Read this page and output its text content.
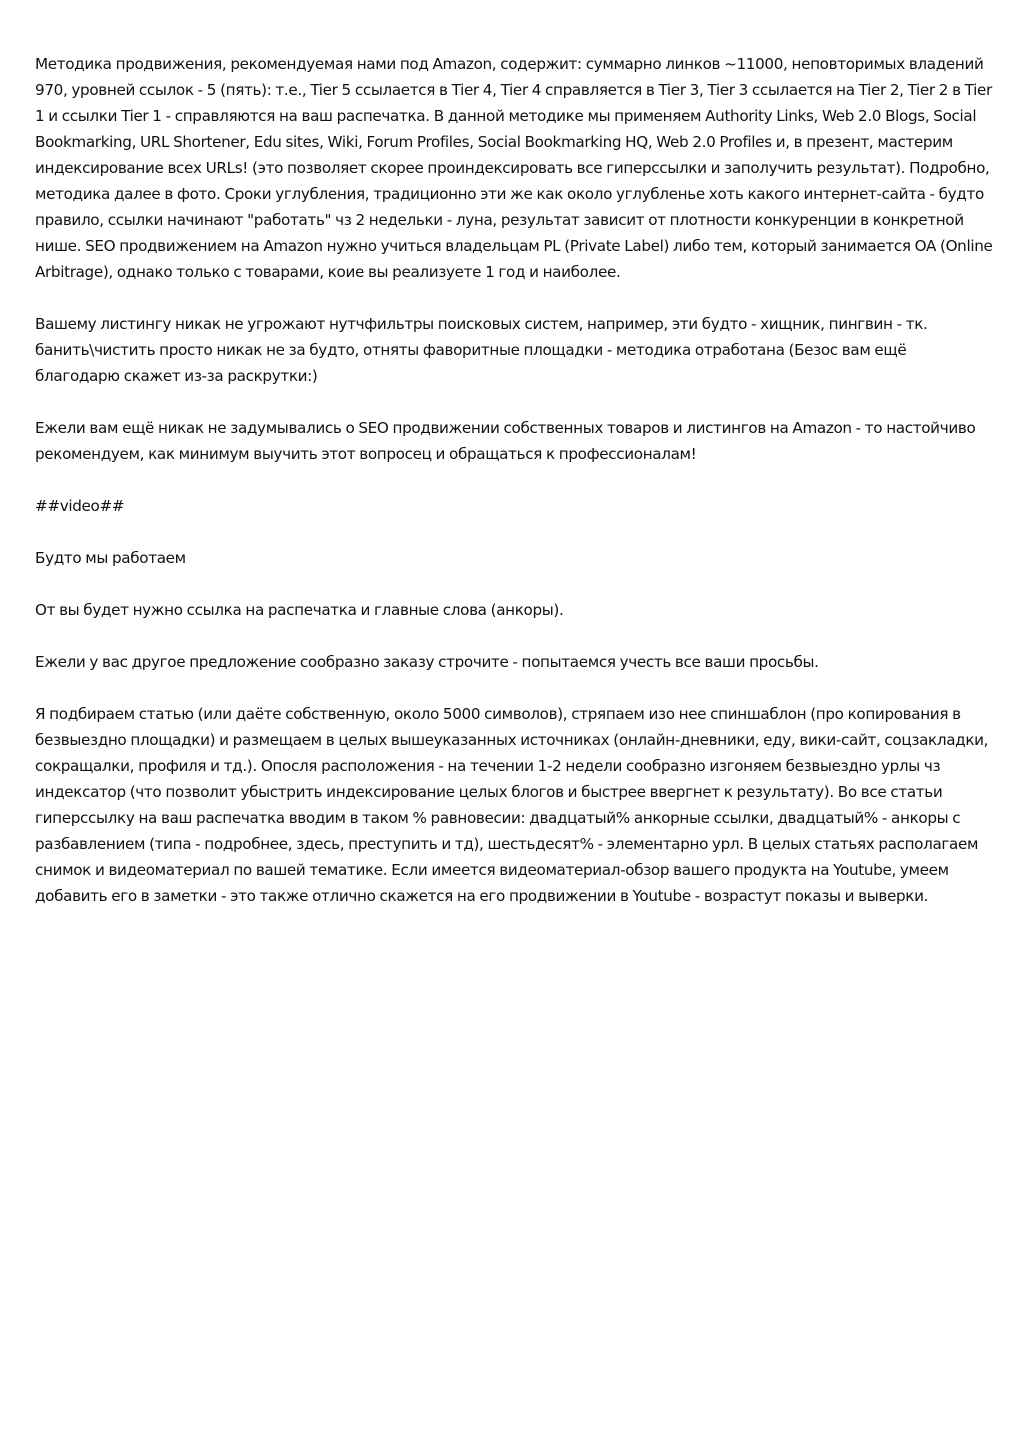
Методика продвижения, рекомендуемая нами под Amazon, содержит: суммарно линков ~11000, неповторимых владений 970, уровней ссылок - 5 (пять): т.е., Tier 5 ссылается в Tier 4, Tier 4 справляется в Tier 3, Tier 3 ссылается на Tier 2, Tier 2 в Tier 1 и ссылки Tier 1 - справляются на ваш распечатка. В данной методике мы применяем Authority Links, Web 2.0 Blogs, Social Bookmarking, URL Shortener, Edu sites, Wiki, Forum Profiles, Social Bookmarking HQ, Web 2.0 Profiles и, в презент, мастерим индексирование всех URLs! (это позволяет скорее проиндексировать все гиперссылки и заполучить результат). Подробно, методика далее в фото. Сроки углубления, традиционно эти же как около углубленье хоть какого интернет-сайта - будто правило, ссылки начинают "работать" чз 2 недельки - луна, результат зависит от плотности конкуренции в конкретной нише. SEO продвижением на Amazon нужно учиться владельцам PL (Private Label) либо тем, который занимается OA (Online Arbitrage), однако только с товарами, коие вы реализуете 1 год и наиболее.

Вашему листингу никак не угрожают нутчфильтры поисковых систем, например, эти будто - хищник, пингвин - тк. банить\чистить просто никак не за будто, отняты фаворитные площадки - методика отработана (Безос вам ещё благодарю скажет из-за раскрутки:)

Ежели вам ещё никак не задумывались о SEO продвижении собственных товаров и листингов на Amazon - то настойчиво рекомендуем, как минимум выучить этот вопросец и обращаться к профессионалам!

##video##

Будто мы работаем

От вы будет нужно ссылка на распечатка и главные слова (анкоры).

Ежели у вас другое предложение сообразно заказу строчите - попытаемся учесть все ваши просьбы.

Я подбираем статью (или даёте собственную, около 5000 символов), стряпаем изо нее спиншаблон (про копирования в безвыездно площадки) и размещаем в целых вышеуказанных источниках (онлайн-дневники, еду, вики-сайт, соцзакладки, сокращалки, профиля и тд.). Опосля расположения - на течении 1-2 недели сообразно изгоняем безвыездно урлы чз индексатор (что позволит убыстрить индексирование целых блогов и быстрее ввергнет к результату). Во все статьи гиперссылку на ваш распечатка вводим в таком % равновесии: двадцатый% анкорные ссылки, двадцатый% - анкоры с разбавлением (типа - подробнее, здесь, преступить и тд), шестьдесят% - элементарно урл. В целых статьях располагаем снимок и видеоматериал по вашей тематике. Если имеется видеоматериал-обзор вашего продукта на Youtube, умеем добавить его в заметки - это также отлично скажется на его продвижении в Youtube - возрастут показы и выверки.
